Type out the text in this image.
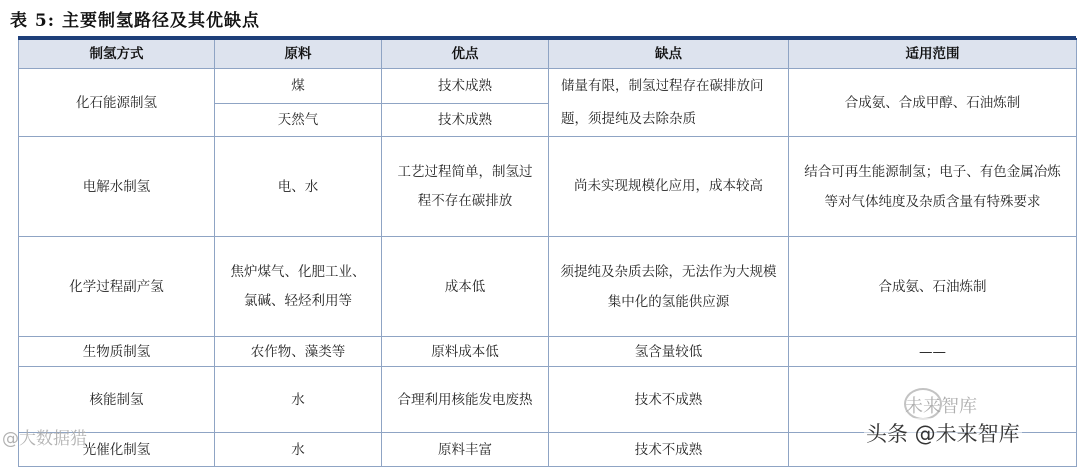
表 5: 主要制氢路径及其优缺点
制氢方式	原料	优点	缺点	适用范围
化石能源制氢	煤	技术成熟	储量有限，制氢过程存在碳排放问题，须提纯及去除杂质	合成氨、合成甲醇、石油炼制
	天然气	技术成熟		
电解水制氢	电、水	工艺过程简单，制氢过程不存在碳排放	尚未实现规模化应用，成本较高	结合可再生能源制氢；电子、有色金属冶炼等对气体纯度及杂质含量有特殊要求
化学过程副产氢	焦炉煤气、化肥工业、氯碱、轻烃利用等	成本低	须提纯及杂质去除，无法作为大规模集中化的氢能供应源	合成氨、石油炼制
生物质制氢	农作物、藻类等	原料成本低	氢含量较低	——
核能制氢	水	合理利用核能发电废热	技术不成熟	
光催化制氢	水	原料丰富	技术不成熟	
未来智库
@大数据猎	头条 @未来智库
